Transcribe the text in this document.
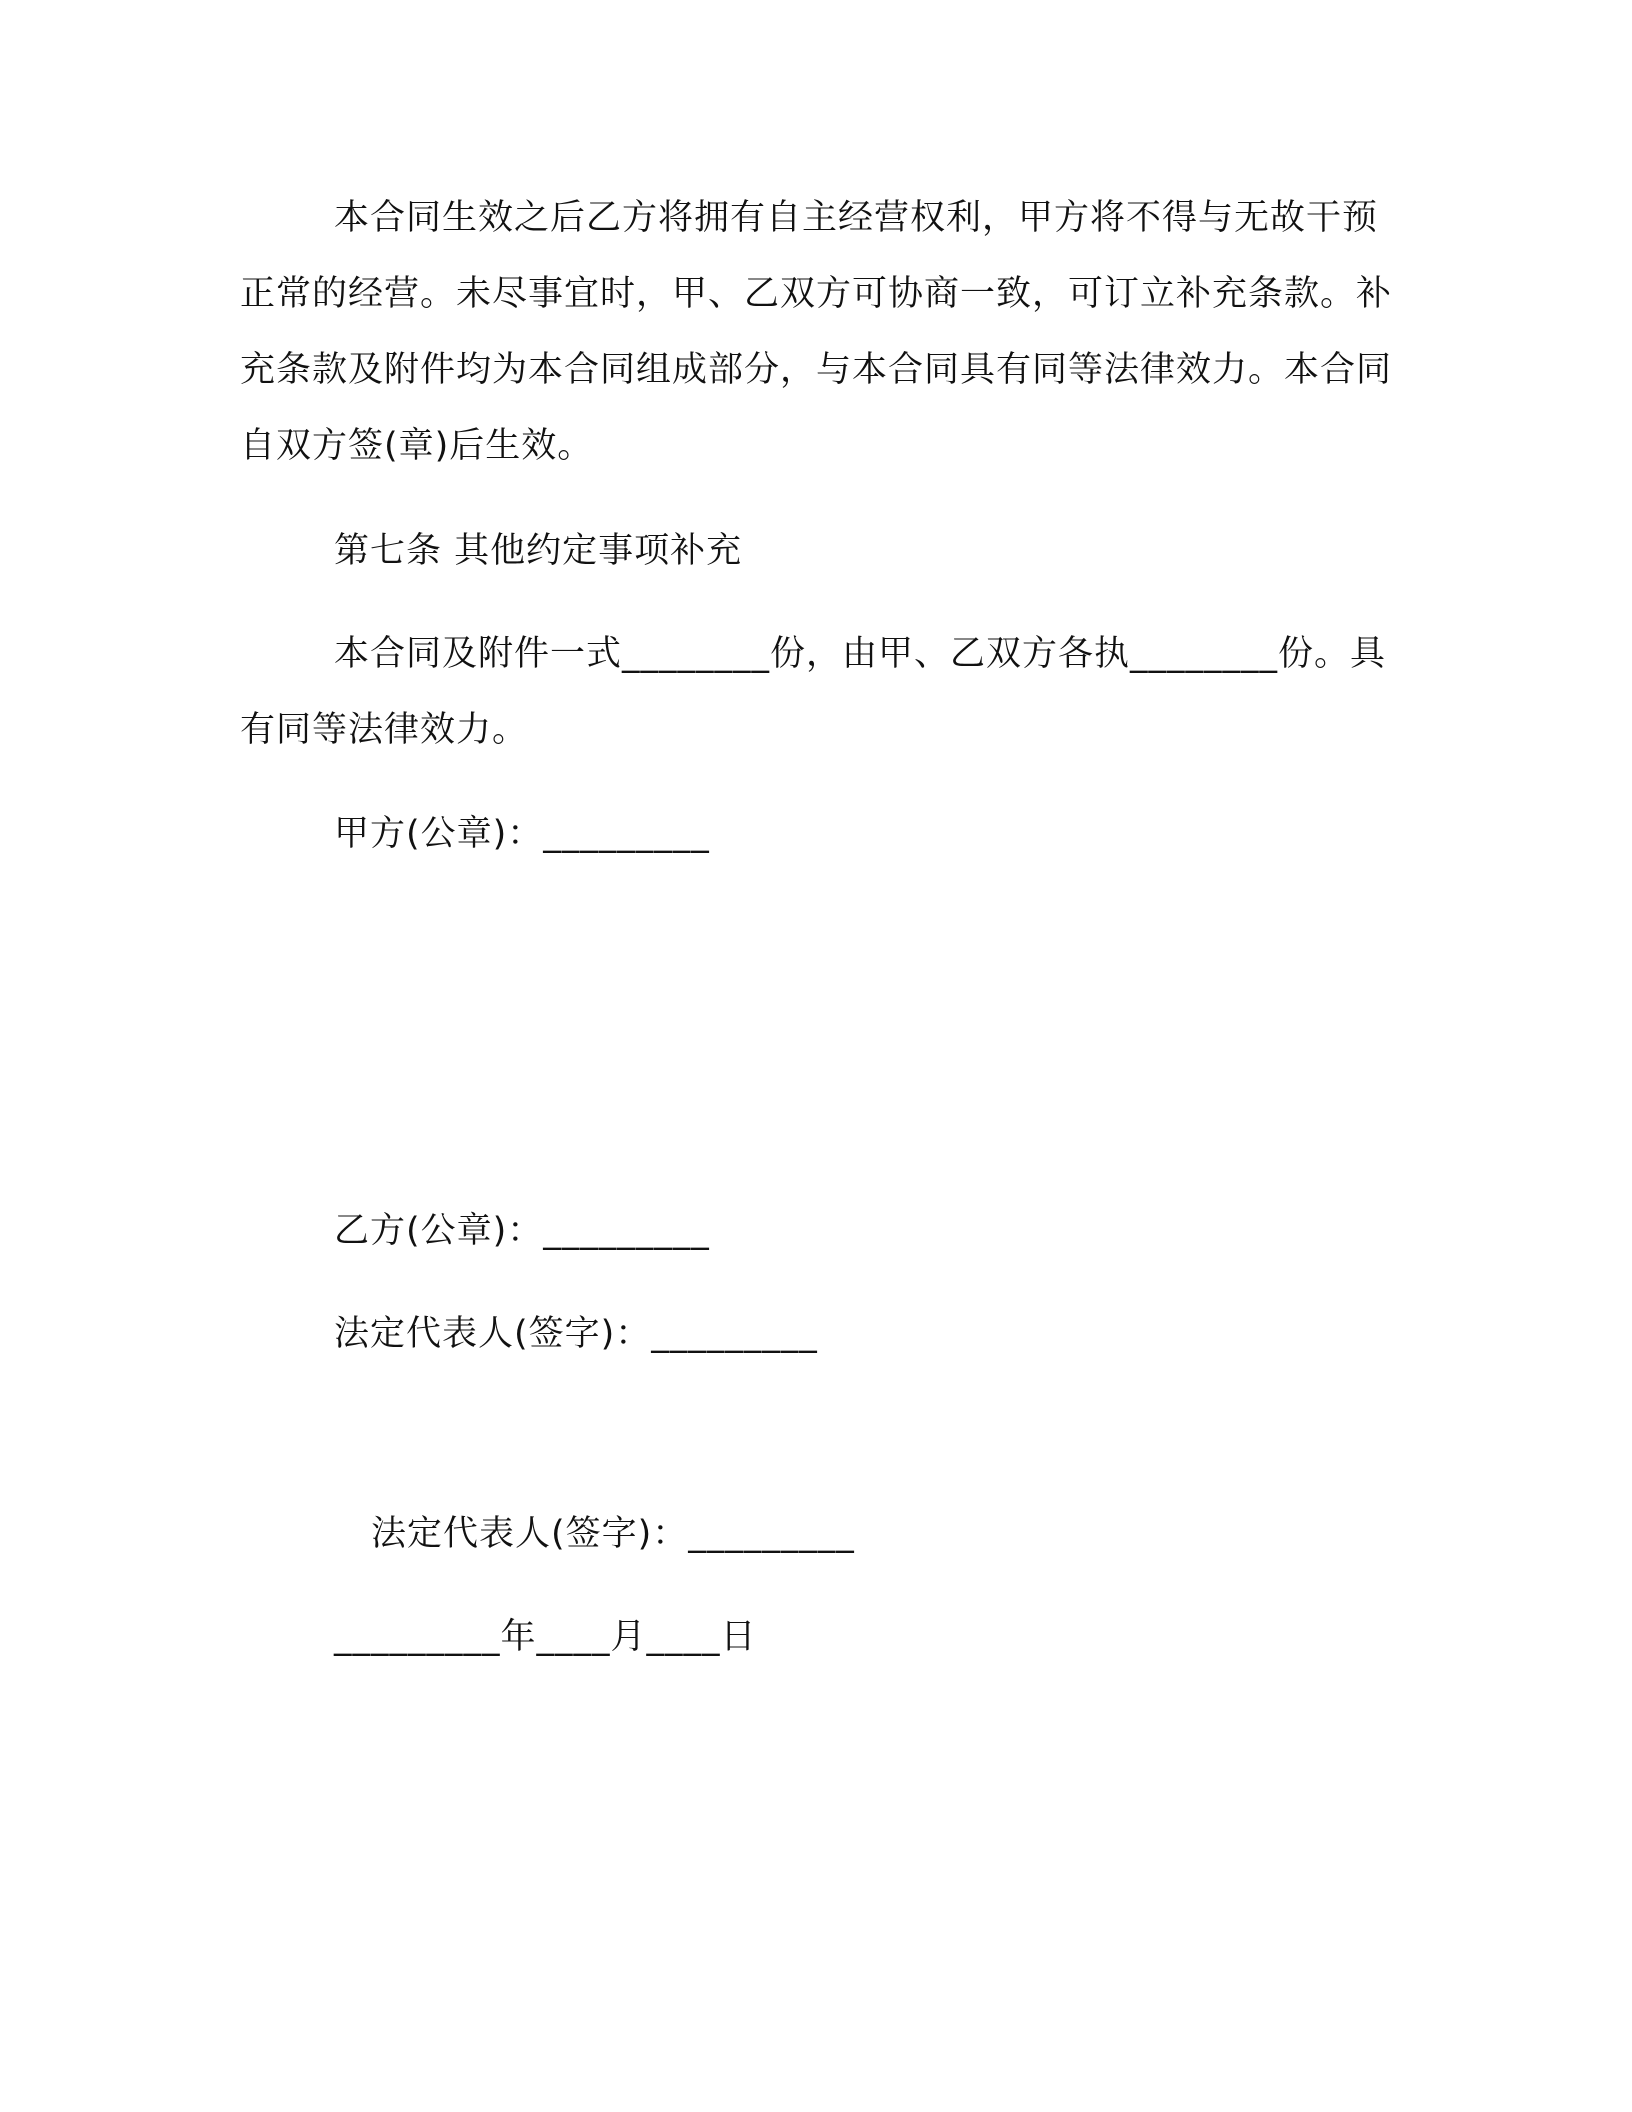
本合同生效之后乙方将拥有自主经营权利，甲方将不得与无故干预正常的经营。未尽事宜时，甲、乙双方可协商一致，可订立补充条款。补充条款及附件均为本合同组成部分，与本合同具有同等法律效力。本合同自双方签(章)后生效。
第七条 其他约定事项补充
本合同及附件一式________份，由甲、乙双方各执________份。具有同等法律效力。
甲方(公章)：_________
乙方(公章)：_________
法定代表人(签字)：_________
法定代表人(签字)：_________
_________年____月____日
